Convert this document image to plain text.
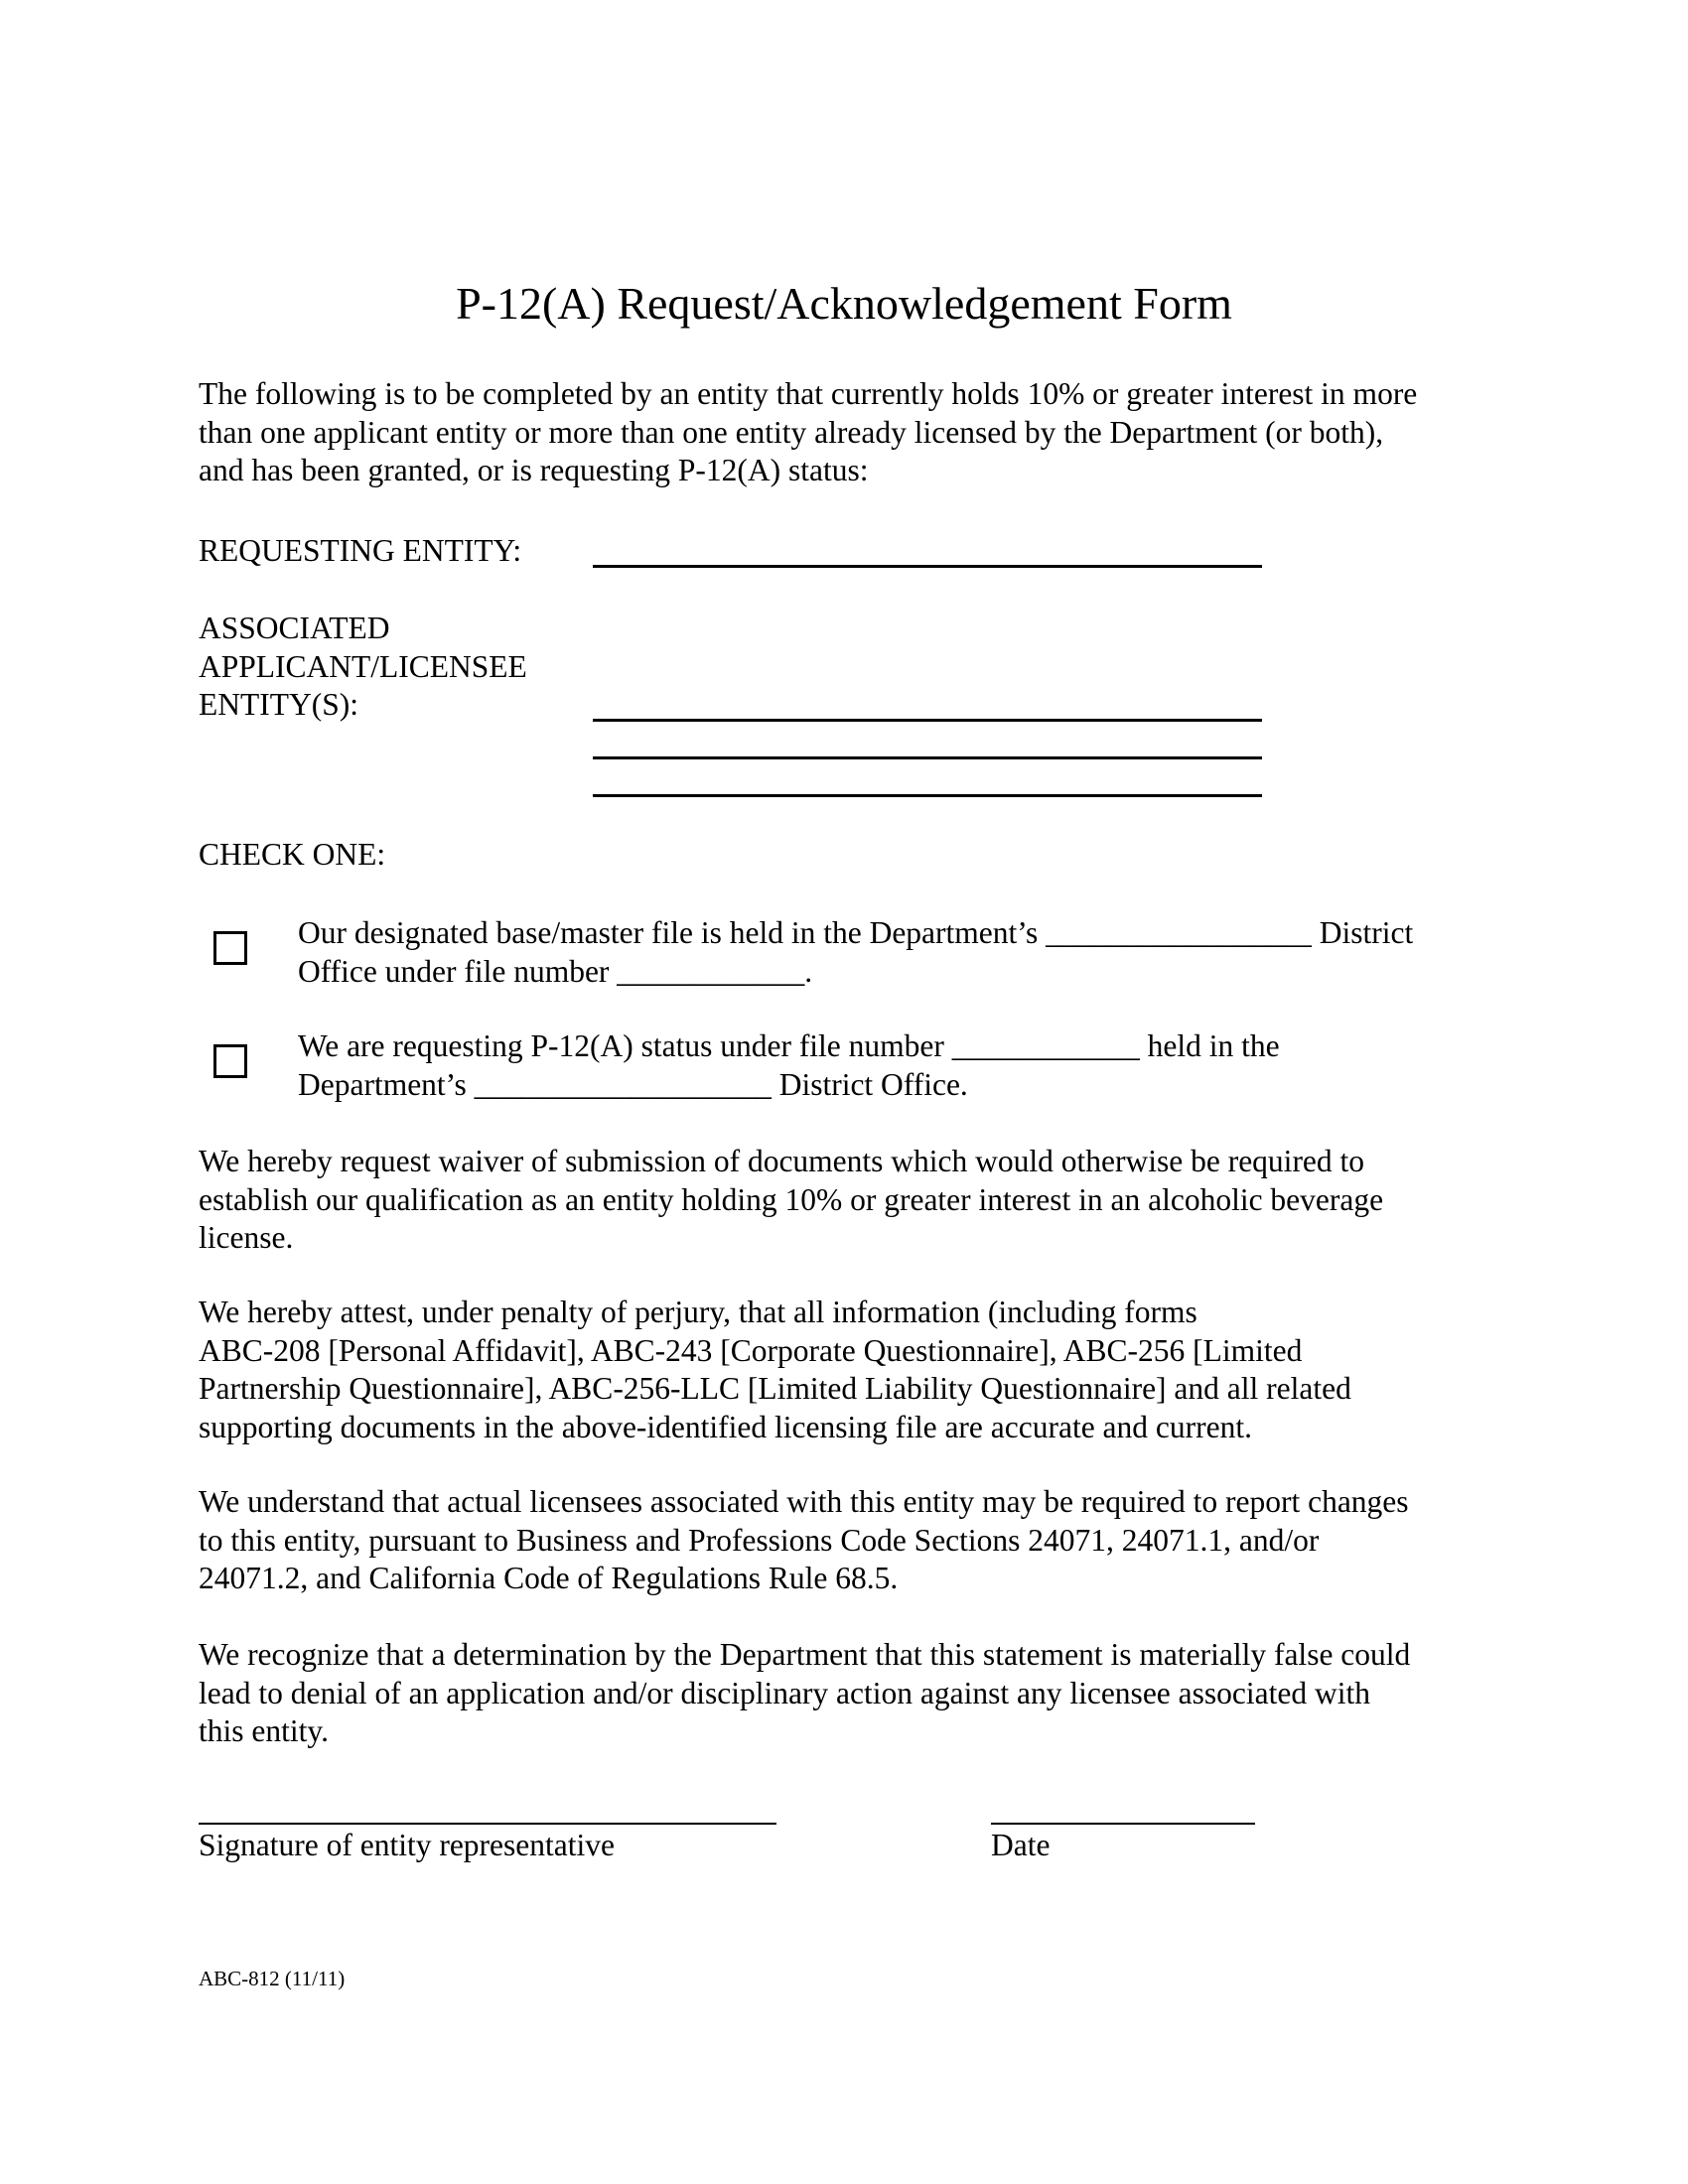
P-12(A) Request/Acknowledgement Form
The following is to be completed by an entity that currently holds 10% or greater interest in more
than one applicant entity or more than one entity already licensed by the Department (or both),
and has been granted, or is requesting P-12(A) status:
REQUESTING ENTITY:
ASSOCIATED
APPLICANT/LICENSEE
ENTITY(S):
CHECK ONE:
Our designated base/master file is held in the Department’s _________________ District
Office under file number ____________.
We are requesting P-12(A) status under file number ____________ held in the
Department’s ___________________ District Office.
We hereby request waiver of submission of documents which would otherwise be required to
establish our qualification as an entity holding 10% or greater interest in an alcoholic beverage
license.
We hereby attest, under penalty of perjury, that all information (including forms
ABC-208 [Personal Affidavit], ABC-243 [Corporate Questionnaire], ABC-256 [Limited
Partnership Questionnaire], ABC-256-LLC [Limited Liability Questionnaire] and all related
supporting documents in the above-identified licensing file are accurate and current.
We understand that actual licensees associated with this entity may be required to report changes
to this entity, pursuant to Business and Professions Code Sections 24071, 24071.1, and/or
24071.2, and California Code of Regulations Rule 68.5.
We recognize that a determination by the Department that this statement is materially false could
lead to denial of an application and/or disciplinary action against any licensee associated with
this entity.
Signature of entity representative	Date
ABC-812 (11/11)
